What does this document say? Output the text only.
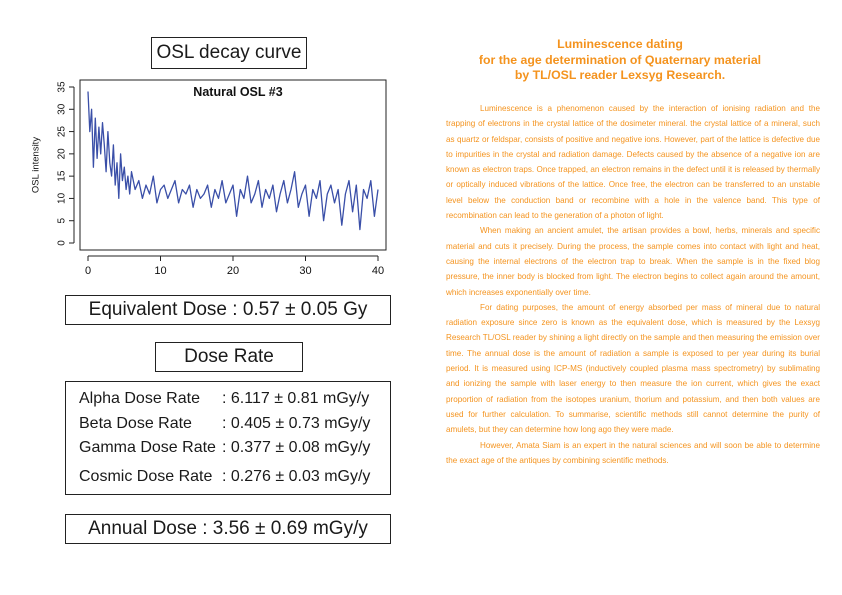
OSL decay curve
Natural OSL #3
0	10	20	30	40
0
5
10
15
20
25
30
35
OSL intensity
Equivalent Dose : 0.57 ± 0.05 Gy
Dose Rate
Alpha Dose Rate : 6.117 ± 0.81 mGy/y
Beta Dose Rate : 0.405 ± 0.73 mGy/y
Gamma Dose Rate : 0.377 ± 0.08 mGy/y
Cosmic Dose Rate : 0.276 ± 0.03 mGy/y
Annual Dose : 3.56 ± 0.69 mGy/y
Luminescence dating
for the age determination of Quaternary material
by TL/OSL reader Lexsyg Research.

Luminescence is a phenomenon caused by the interaction of ionising radiation and the trapping of electrons in the crystal lattice of the dosimeter mineral. the crystal lattice of a mineral, such as quartz or feldspar, consists of positive and negative ions. However, part of the lattice is defective due to impurities in the crystal and radiation damage. Defects caused by the absence of a negative ion are known as electron traps. Once trapped, an electron remains in the defect until it is released by thermally or optically induced vibrations of the lattice. Once free, the electron can be transferred to an unstable level below the conduction band or recombine with a hole in the valence band. This type of recombination can lead to the generation of a photon of light.

When making an ancient amulet, the artisan provides a bowl, herbs, minerals and specific material and cuts it precisely. During the process, the sample comes into contact with light and heat, causing the internal electrons of the electron trap to break. When the sample is in the fixed blog pressure, the inner body is blocked from light. The electron begins to collect again around the amount, which increases exponentially over time.

For dating purposes, the amount of energy absorbed per mass of mineral due to natural radiation exposure since zero is known as the equivalent dose, which is measured by the Lexsyg Research TL/OSL reader by shining a light directly on the sample and then measuring the emission over time. The annual dose is the amount of radiation a sample is exposed to per year during its burial period. It is measured using ICP-MS (inductively coupled plasma mass spectrometry) by sublimating and ionizing the sample with laser energy to then measure the ion current, which gives the exact proportion of radiation from the isotopes uranium, thorium and potassium, and then both values are used for further calculation. To summarise, scientific methods still cannot determine the purity of amulets, but they can determine how long ago they were made.

However, Amata Siam is an expert in the natural sciences and will soon be able to determine the exact age of the antiques by combining scientific methods.
